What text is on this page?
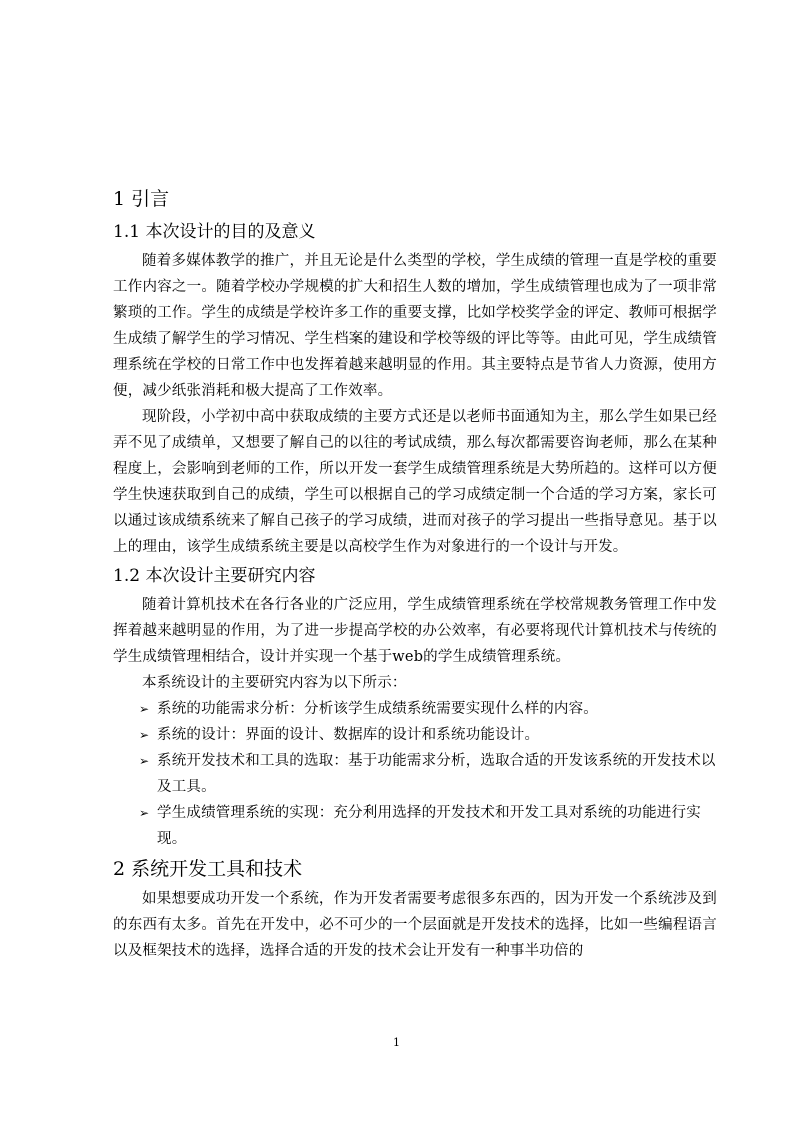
1 引言
1.1 本次设计的目的及意义

随着多媒体教学的推广，并且无论是什么类型的学校，学生成绩的管理一直是学校的重要工作内容之一。随着学校办学规模的扩大和招生人数的增加，学生成绩管理也成为了一项非常繁琐的工作。学生的成绩是学校许多工作的重要支撑，比如学校奖学金的评定、教师可根据学生成绩了解学生的学习情况、学生档案的建设和学校等级的评比等等。由此可见，学生成绩管理系统在学校的日常工作中也发挥着越来越明显的作用。其主要特点是节省人力资源，使用方便，减少纸张消耗和极大提高了工作效率。

现阶段，小学初中高中获取成绩的主要方式还是以老师书面通知为主，那么学生如果已经弄不见了成绩单，又想要了解自己的以往的考试成绩，那么每次都需要咨询老师，那么在某种程度上，会影响到老师的工作，所以开发一套学生成绩管理系统是大势所趋的。这样可以方便学生快速获取到自己的成绩，学生可以根据自己的学习成绩定制一个合适的学习方案，家长可以通过该成绩系统来了解自己孩子的学习成绩，进而对孩子的学习提出一些指导意见。基于以上的理由，该学生成绩系统主要是以高校学生作为对象进行的一个设计与开发。

1.2 本次设计主要研究内容

随着计算机技术在各行各业的广泛应用，学生成绩管理系统在学校常规教务管理工作中发挥着越来越明显的作用，为了进一步提高学校的办公效率，有必要将现代计算机技术与传统的学生成绩管理相结合，设计并实现一个基于web的学生成绩管理系统。

本系统设计的主要研究内容为以下所示：

➢ 系统的功能需求分析：分析该学生成绩系统需要实现什么样的内容。
➢ 系统的设计：界面的设计、数据库的设计和系统功能设计。
➢ 系统开发技术和工具的选取：基于功能需求分析，选取合适的开发该系统的开发技术以及工具。
➢ 学生成绩管理系统的实现：充分利用选择的开发技术和开发工具对系统的功能进行实现。
2 系统开发工具和技术

如果想要成功开发一个系统，作为开发者需要考虑很多东西的，因为开发一个系统涉及到的东西有太多。首先在开发中，必不可少的一个层面就是开发技术的选择，比如一些编程语言以及框架技术的选择，选择合适的开发的技术会让开发有一种事半功倍的

1
